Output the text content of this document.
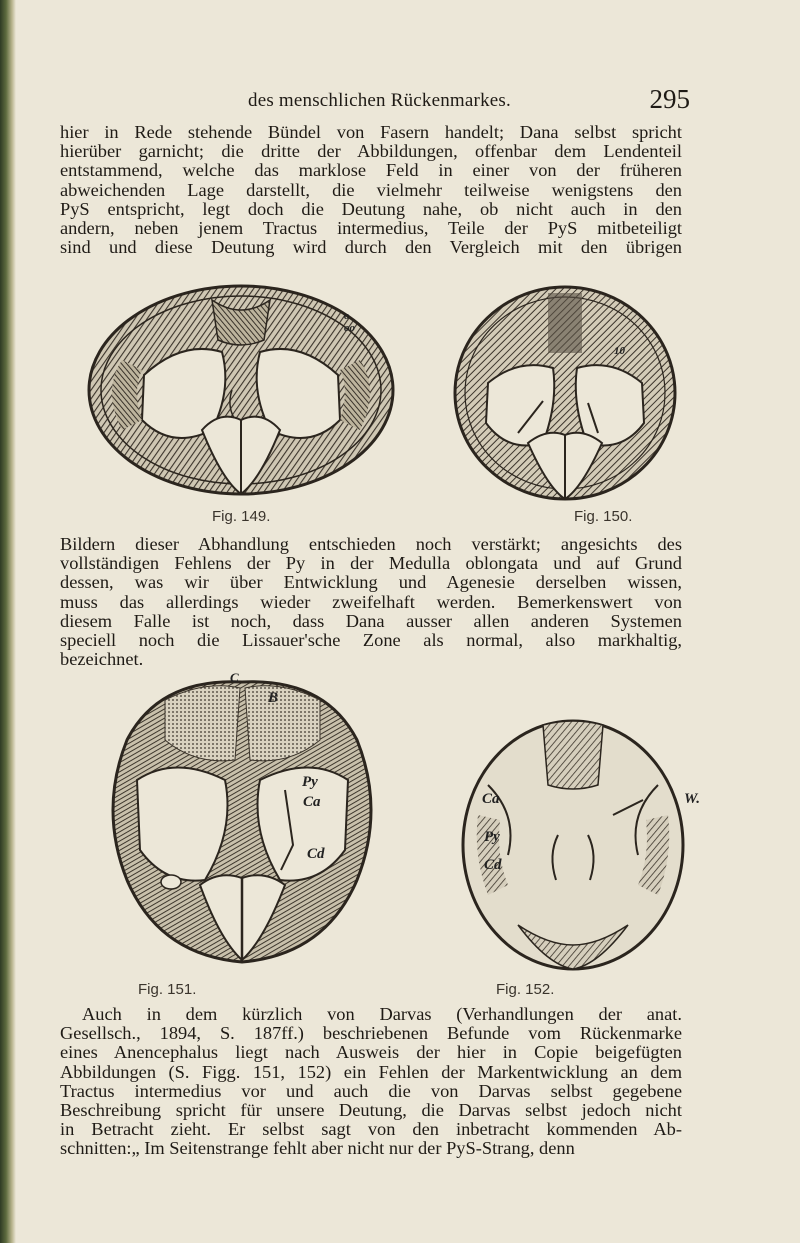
des menschlichen Rückenmarkes.	295
hier in Rede stehende Bündel von Fasern handelt; Dana selbst spricht
hierüber garnicht; die dritte der Abbildungen, offenbar dem Lendenteil
entstammend, welche das marklose Feld in einer von der früheren
abweichenden Lage darstellt, die vielmehr teilweise wenigstens den
PyS entspricht, legt doch die Deutung nahe, ob nicht auch in den
andern, neben jenem Tractus intermedius, Teile der PyS mitbeteiligt
sind und diese Deutung wird durch den Vergleich mit den übrigen
o
oo
Fig. 149.
10
Fig. 150.
Bildern dieser Abhandlung entschieden noch verstärkt; angesichts des
vollständigen Fehlens der Py in der Medulla oblongata und auf Grund
dessen, was wir über Entwicklung und Agenesie derselben wissen,
muss das allerdings wieder zweifelhaft werden. Bemerkenswert von
diesem Falle ist noch, dass Dana ausser allen anderen Systemen
speciell noch die Lissauer'sche Zone als normal, also markhaltig,
bezeichnet.
C
B
Py
Ca
Cd
Fig. 151.
Ca
Py
Cd
W.
Fig. 152.
Auch in dem kürzlich von Darvas (Verhandlungen der anat.
Gesellsch., 1894, S. 187ff.) beschriebenen Befunde vom Rückenmarke
eines Anencephalus liegt nach Ausweis der hier in Copie beigefügten
Abbildungen (S. Figg. 151, 152) ein Fehlen der Markentwicklung an dem
Tractus intermedius vor und auch die von Darvas selbst gegebene
Beschreibung spricht für unsere Deutung, die Darvas selbst jedoch nicht
in Betracht zieht. Er selbst sagt von den inbetracht kommenden Ab-
schnitten:„ Im Seitenstrange fehlt aber nicht nur der PyS-Strang, denn
